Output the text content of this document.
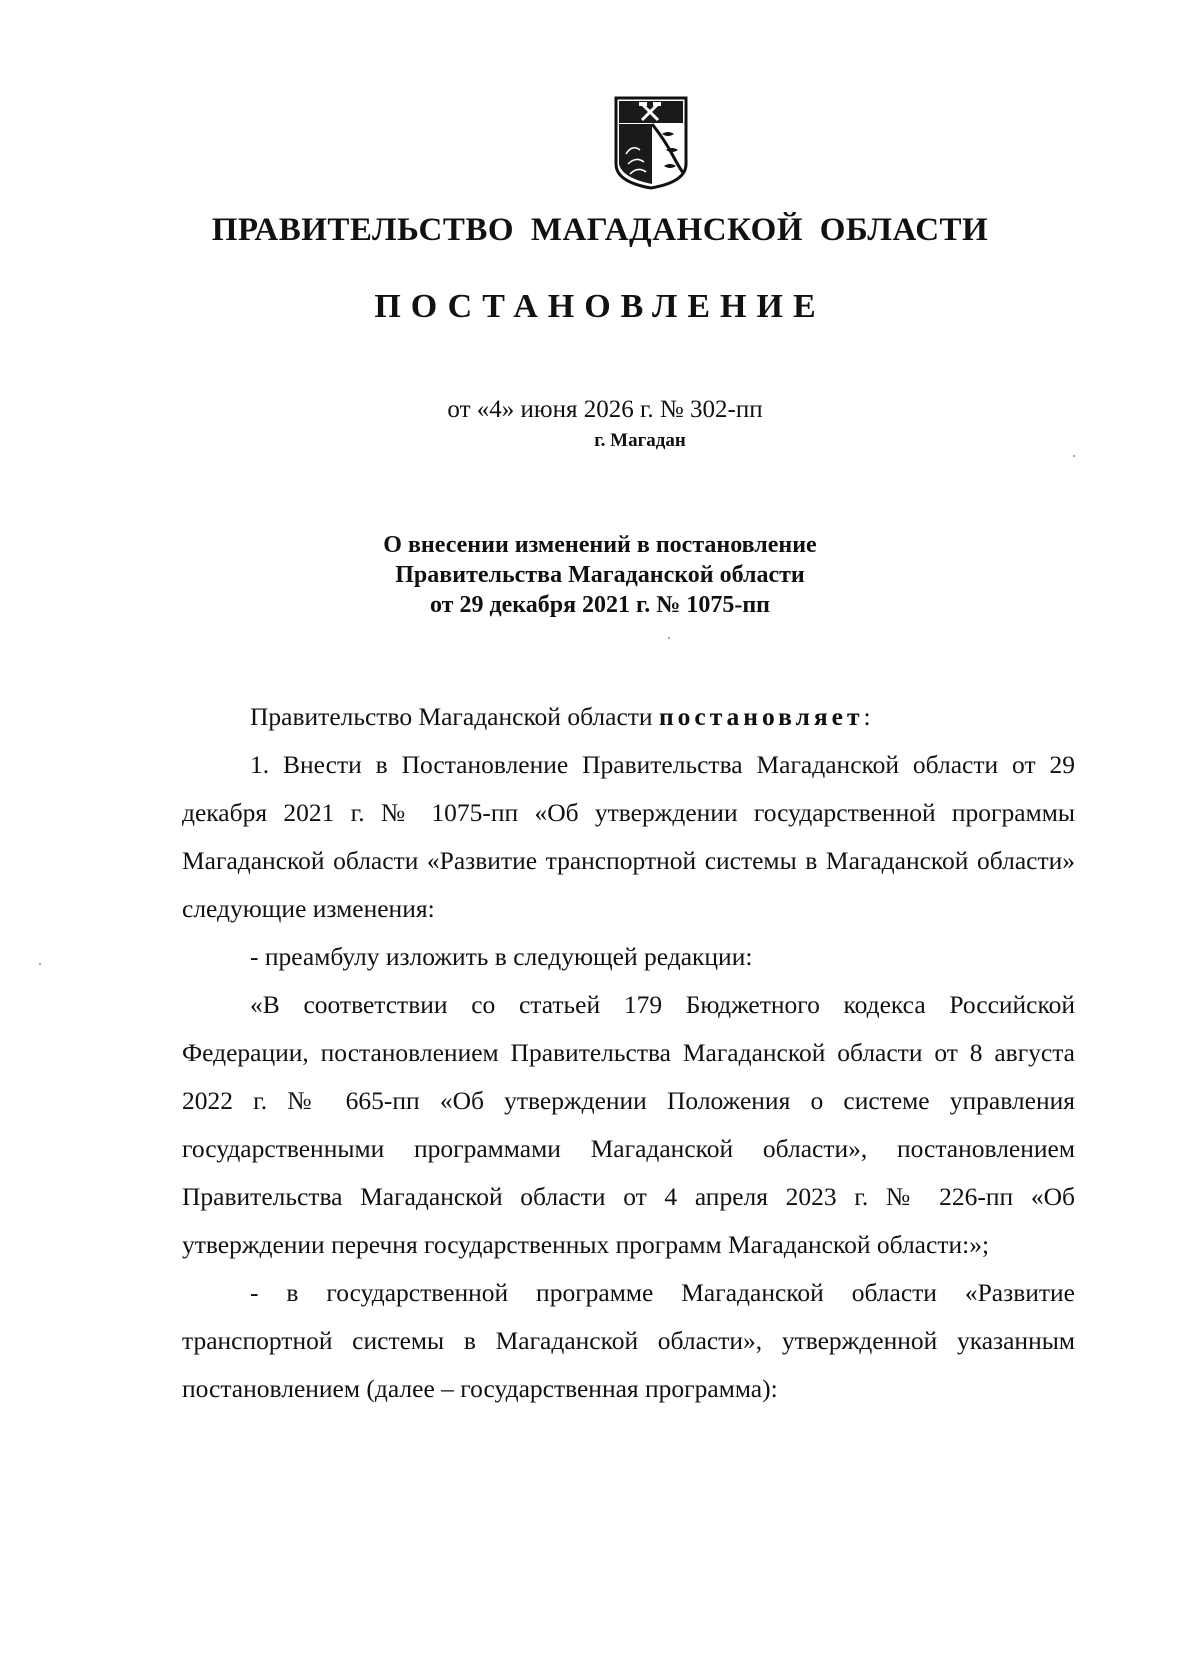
ПРАВИТЕЛЬСТВО МАГАДАНСКОЙ ОБЛАСТИ
ПОСТАНОВЛЕНИЕ
от «4» июня 2026 г. № 302-пп
г. Магадан
О внесении изменений в постановление
Правительства Магаданской области
от 29 декабря 2021 г. № 1075-пп

Правительство Магаданской области постановляет:

1. Внести в Постановление Правительства Магаданской области от 29 декабря 2021 г. № 1075-пп «Об утверждении государственной программы Магаданской области «Развитие транспортной системы в Магаданской области» следующие изменения:

- преамбулу изложить в следующей редакции:

«В соответствии со статьей 179 Бюджетного кодекса Российской Федерации, постановлением Правительства Магаданской области от 8 августа 2022 г. № 665-пп «Об утверждении Положения о системе управления государственными программами Магаданской области», постановлением Правительства Магаданской области от 4 апреля 2023 г. № 226-пп «Об утверждении перечня государственных программ Магаданской области:»;

- в государственной программе Магаданской области «Развитие транспортной системы в Магаданской области», утвержденной указанным постановлением (далее – государственная программа):
